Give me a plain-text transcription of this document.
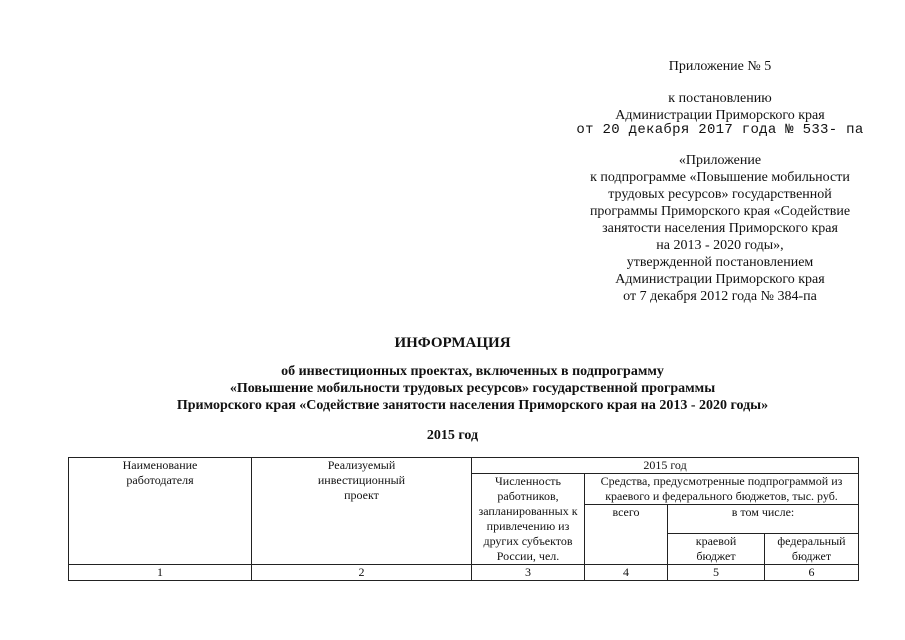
Приложение № 5
к постановлению
Администрации Приморского края
от 20 декабря 2017 года № 533- па
«Приложение
к подпрограмме «Повышение мобильности
трудовых ресурсов» государственной
программы Приморского края «Содействие
занятости населения Приморского края
на 2013 - 2020 годы»,
утвержденной постановлением
Администрации Приморского края
от 7 декабря 2012 года № 384-па
ИНФОРМАЦИЯ
об инвестиционных проектах, включенных в подпрограмму
«Повышение мобильности трудовых ресурсов» государственной программы
Приморского края «Содействие занятости населения Приморского края на 2013 - 2020 годы»
2015 год
Наименование работодателя	Реализуемый инвестиционный проект	2015 год			
		Численность работников, запланированных к привлечению из других субъектов России, чел.	Средства, предусмотренные подпрограммой из краевого и федерального бюджетов, тыс. руб.		
			всего	в том числе:	
				краевой бюджет	федеральный бюджет
1	2	3	4	5	6
